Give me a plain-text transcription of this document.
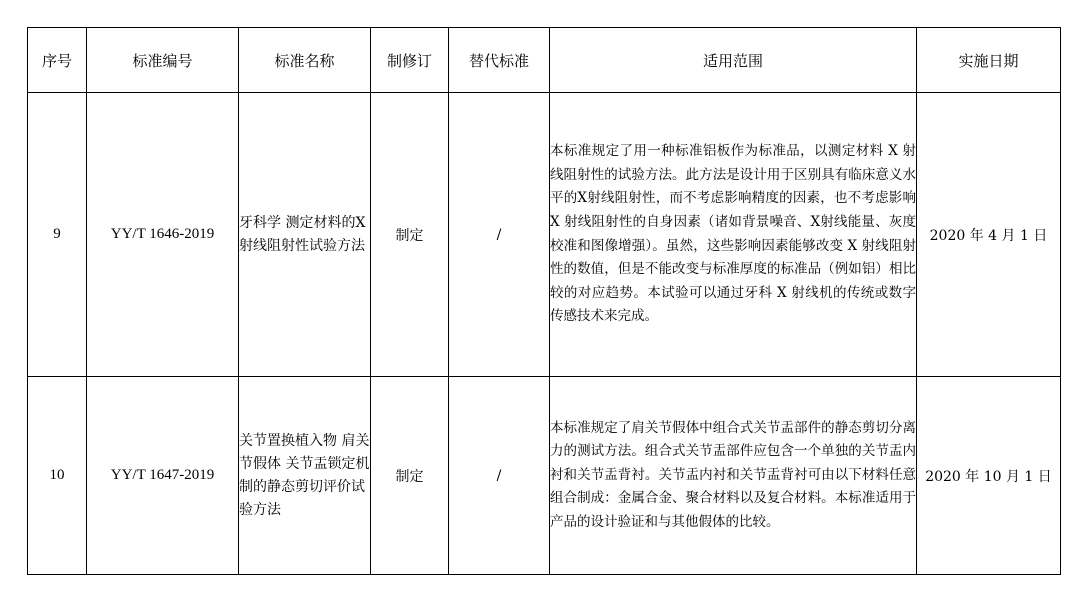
序号	标准编号	标准名称	制修订	替代标准	适用范围	实施日期
9	YY/T 1646-2019	牙科学 测定材料的X射线阻射性试验方法	制定	/	本标准规定了用一种标准铝板作为标准品，以测定材料 X 射线阻射性的试验方法。此方法是设计用于区别具有临床意义水平的X射线阻射性，而不考虑影响精度的因素，也不考虑影响 X 射线阻射性的自身因素（诸如背景噪音、X射线能量、灰度校准和图像增强）。虽然，这些影响因素能够改变 X 射线阻射性的数值，但是不能改变与标准厚度的标准品（例如铝）相比较的对应趋势。本试验可以通过牙科 X 射线机的传统或数字传感技术来完成。	2020 年 4 月 1 日
10	YY/T 1647-2019	关节置换植入物 肩关节假体 关节盂锁定机制的静态剪切评价试验方法	制定	/	本标准规定了肩关节假体中组合式关节盂部件的静态剪切分离力的测试方法。组合式关节盂部件应包含一个单独的关节盂内衬和关节盂背衬。关节盂内衬和关节盂背衬可由以下材料任意组合制成：金属合金、聚合材料以及复合材料。本标准适用于产品的设计验证和与其他假体的比较。	2020 年 10 月 1 日
